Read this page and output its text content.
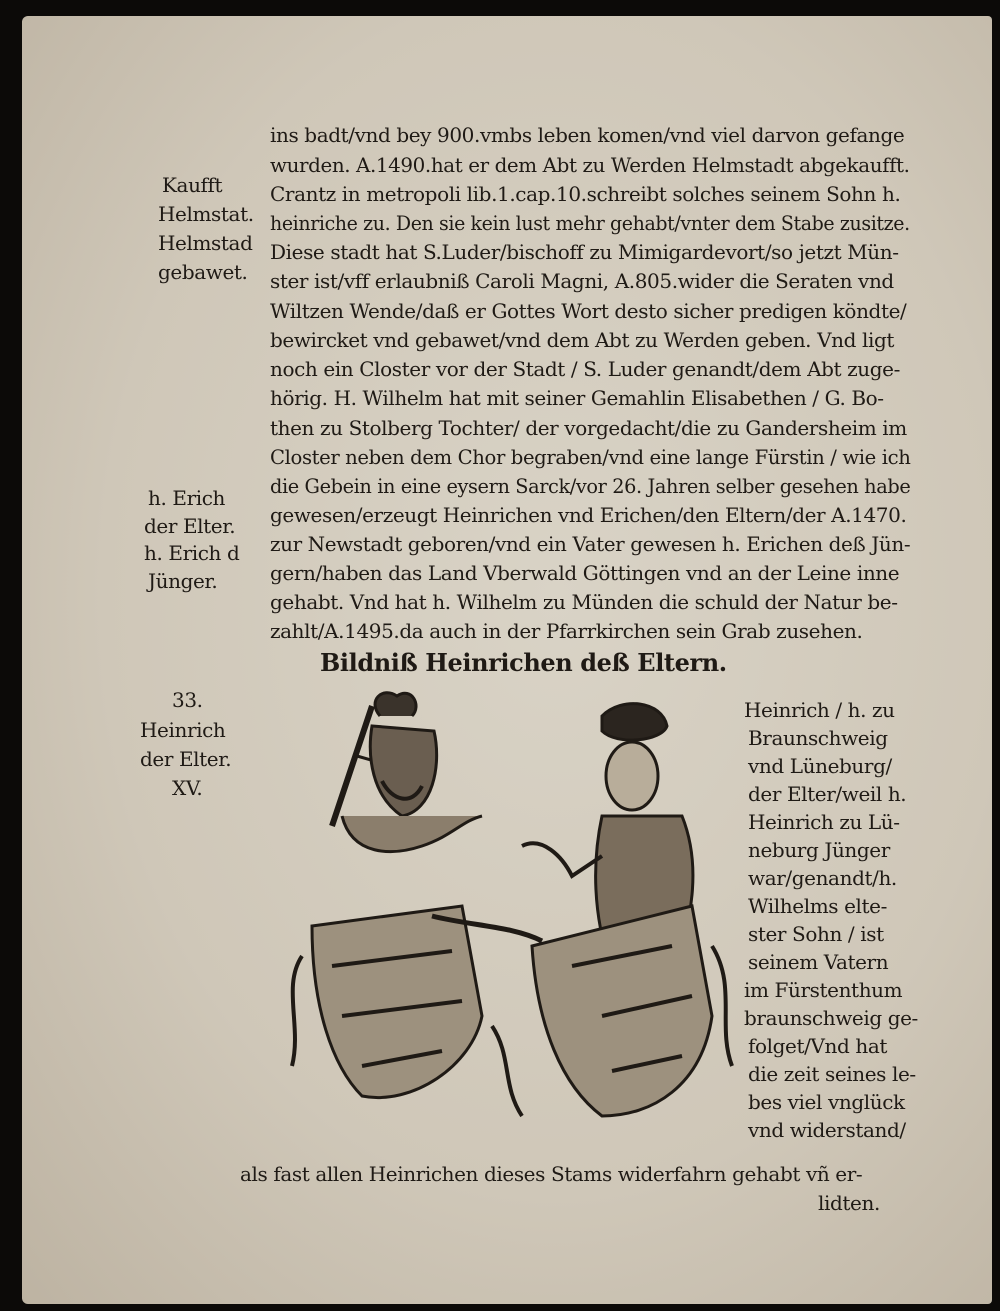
ins badt/vnd bey 900.vmbs leben komen/vnd viel darvon gefange
wurden. A.1490.hat er dem Abt zu Werden Helmstadt abgekaufft.
Crantz in metropoli lib.1.cap.10.schreibt solches seinem Sohn h.
heinriche zu. Den sie kein lust mehr gehabt/vnter dem Stabe zusitze.
Diese stadt hat S.Luder/bischoff zu Mimigardevort/so jetzt Mün-
ster ist/vff erlaubniß Caroli Magni, A.805.wider die Seraten vnd
Wiltzen Wende/daß er Gottes Wort desto sicher predigen köndte/
bewircket vnd gebawet/vnd dem Abt zu Werden geben. Vnd ligt
noch ein Closter vor der Stadt / S. Luder genandt/dem Abt zuge-
hörig. H. Wilhelm hat mit seiner Gemahlin Elisabethen / G. Bo-
then zu Stolberg Tochter/ der vorgedacht/die zu Gandersheim im
Closter neben dem Chor begraben/vnd eine lange Fürstin / wie ich
die Gebein in eine eysern Sarck/vor 26. Jahren selber gesehen habe
gewesen/erzeugt Heinrichen vnd Erichen/den Eltern/der A.1470.
zur Newstadt geboren/vnd ein Vater gewesen h. Erichen deß Jün-
gern/haben das Land Vberwald Göttingen vnd an der Leine inne
gehabt. Vnd hat h. Wilhelm zu Münden die schuld der Natur be-
zahlt/A.1495.da auch in der Pfarrkirchen sein Grab zusehen.
Kaufft
Helmstat.
Helmstad
gebawet.
h. Erich
der Elter.
h. Erich d
Jünger.
33.
Heinrich
der Elter.
XV.
Bildniß Heinrichen deß Eltern.
Heinrich / h. zu
Braunschweig
vnd Lüneburg/
der Elter/weil h.
Heinrich zu Lü-
neburg Jünger
war/genandt/h.
Wilhelms elte-
ster Sohn / ist
seinem Vatern
im Fürstenthum
braunschweig ge-
folget/Vnd hat
die zeit seines le-
bes viel vnglück
vnd widerstand/
als fast allen Heinrichen dieses Stams widerfahrn gehabt vñ er-
lidten.
